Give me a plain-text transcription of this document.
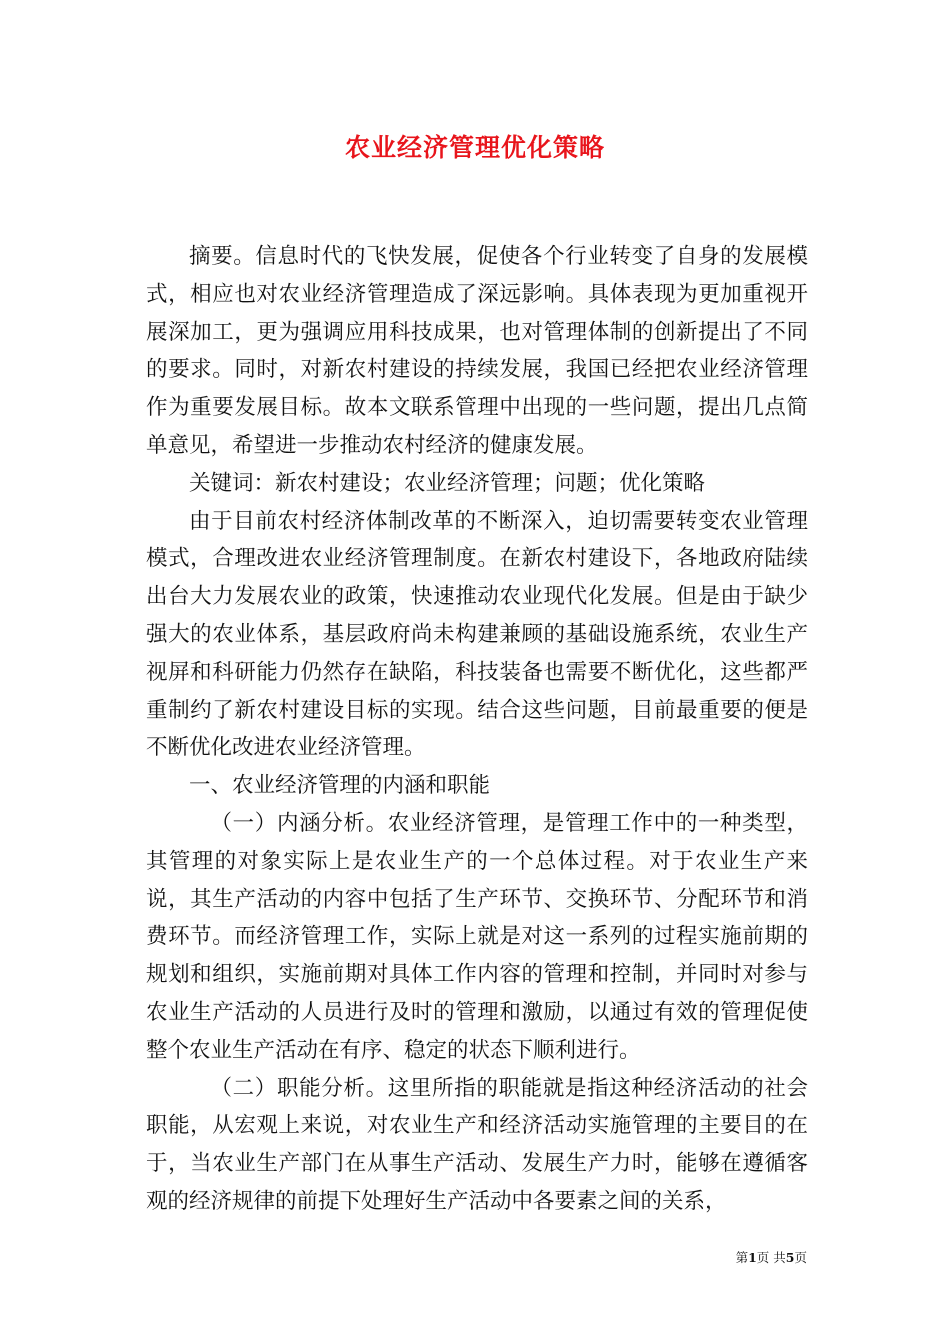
农业经济管理优化策略

摘要。信息时代的飞快发展，促使各个行业转变了自身的发展模式，相应也对农业经济管理造成了深远影响。具体表现为更加重视开展深加工，更为强调应用科技成果，也对管理体制的创新提出了不同的要求。同时，对新农村建设的持续发展，我国已经把农业经济管理作为重要发展目标。故本文联系管理中出现的一些问题，提出几点简单意见，希望进一步推动农村经济的健康发展。

关键词：新农村建设；农业经济管理；问题；优化策略

由于目前农村经济体制改革的不断深入，迫切需要转变农业管理模式，合理改进农业经济管理制度。在新农村建设下，各地政府陆续出台大力发展农业的政策，快速推动农业现代化发展。但是由于缺少强大的农业体系，基层政府尚未构建兼顾的基础设施系统，农业生产视屏和科研能力仍然存在缺陷，科技装备也需要不断优化，这些都严重制约了新农村建设目标的实现。结合这些问题，目前最重要的便是不断优化改进农业经济管理。

一、农业经济管理的内涵和职能

（一）内涵分析。农业经济管理，是管理工作中的一种类型，其管理的对象实际上是农业生产的一个总体过程。对于农业生产来说，其生产活动的内容中包括了生产环节、交换环节、分配环节和消费环节。而经济管理工作，实际上就是对这一系列的过程实施前期的规划和组织，实施前期对具体工作内容的管理和控制，并同时对参与农业生产活动的人员进行及时的管理和激励，以通过有效的管理促使整个农业生产活动在有序、稳定的状态下顺利进行。

（二）职能分析。这里所指的职能就是指这种经济活动的社会职能，从宏观上来说，对农业生产和经济活动实施管理的主要目的在于，当农业生产部门在从事生产活动、发展生产力时，能够在遵循客观的经济规律的前提下处理好生产活动中各要素之间的关系，

第1页 共5页
